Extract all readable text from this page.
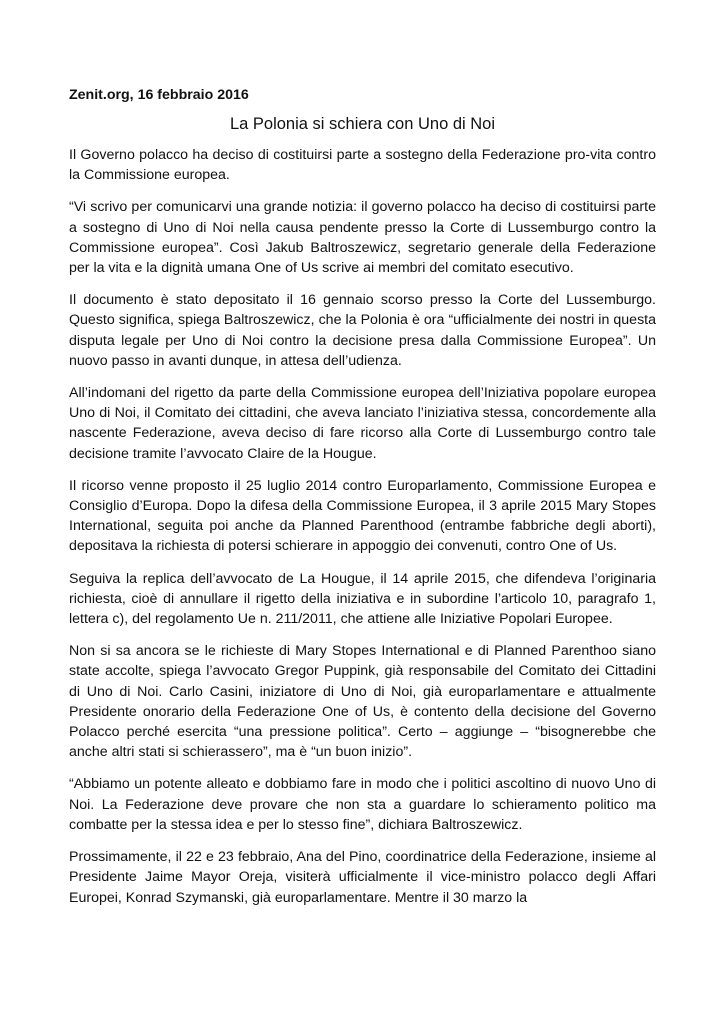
Zenit.org, 16 febbraio 2016
La Polonia si schiera con Uno di Noi

Il Governo polacco ha deciso di costituirsi parte a sostegno della Federazione pro-vita contro la Commissione europea.

“Vi scrivo per comunicarvi una grande notizia: il governo polacco ha deciso di costituirsi parte a sostegno di Uno di Noi nella causa pendente presso la Corte di Lussemburgo contro la Commissione europea”. Così Jakub Baltroszewicz, segretario generale della Federazione per la vita e la dignità umana One of Us scrive ai membri del comitato esecutivo.

Il documento è stato depositato il 16 gennaio scorso presso la Corte del Lussemburgo. Questo significa, spiega Baltroszewicz, che la Polonia è ora “ufficialmente dei nostri in questa disputa legale per Uno di Noi contro la decisione presa dalla Commissione Europea”. Un nuovo passo in avanti dunque, in attesa dell’udienza.

All’indomani del rigetto da parte della Commissione europea dell’Iniziativa popolare europea Uno di Noi, il Comitato dei cittadini, che aveva lanciato l’iniziativa stessa, concordemente alla nascente Federazione, aveva deciso di fare ricorso alla Corte di Lussemburgo contro tale decisione tramite l’avvocato Claire de la Hougue.

Il ricorso venne proposto il 25 luglio 2014 contro Europarlamento, Commissione Europea e Consiglio d’Europa. Dopo la difesa della Commissione Europea, il 3 aprile 2015 Mary Stopes International, seguita poi anche da Planned Parenthood (entrambe fabbriche degli aborti), depositava la richiesta di potersi schierare in appoggio dei convenuti, contro One of Us.

Seguiva la replica dell’avvocato de La Hougue, il 14 aprile 2015, che difendeva l’originaria richiesta, cioè di annullare il rigetto della iniziativa e in subordine l’articolo 10, paragrafo 1, lettera c), del regolamento Ue n. 211/2011, che attiene alle Iniziative Popolari Europee.

Non si sa ancora se le richieste di Mary Stopes International e di Planned Parenthoo siano state accolte, spiega l’avvocato Gregor Puppink, già responsabile del Comitato dei Cittadini di Uno di Noi. Carlo Casini, iniziatore di Uno di Noi, già europarlamentare e attualmente Presidente onorario della Federazione One of Us, è contento della decisione del Governo Polacco perché esercita “una pressione politica”. Certo – aggiunge – “bisognerebbe che anche altri stati si schierassero”, ma è “un buon inizio”.

“Abbiamo un potente alleato e dobbiamo fare in modo che i politici ascoltino di nuovo Uno di Noi. La Federazione deve provare che non sta a guardare lo schieramento politico ma combatte per la stessa idea e per lo stesso fine”, dichiara Baltroszewicz.

Prossimamente, il 22 e 23 febbraio, Ana del Pino, coordinatrice della Federazione, insieme al Presidente Jaime Mayor Oreja, visiterà ufficialmente il vice-ministro polacco degli Affari Europei, Konrad Szymanski, già europarlamentare. Mentre il 30 marzo la
